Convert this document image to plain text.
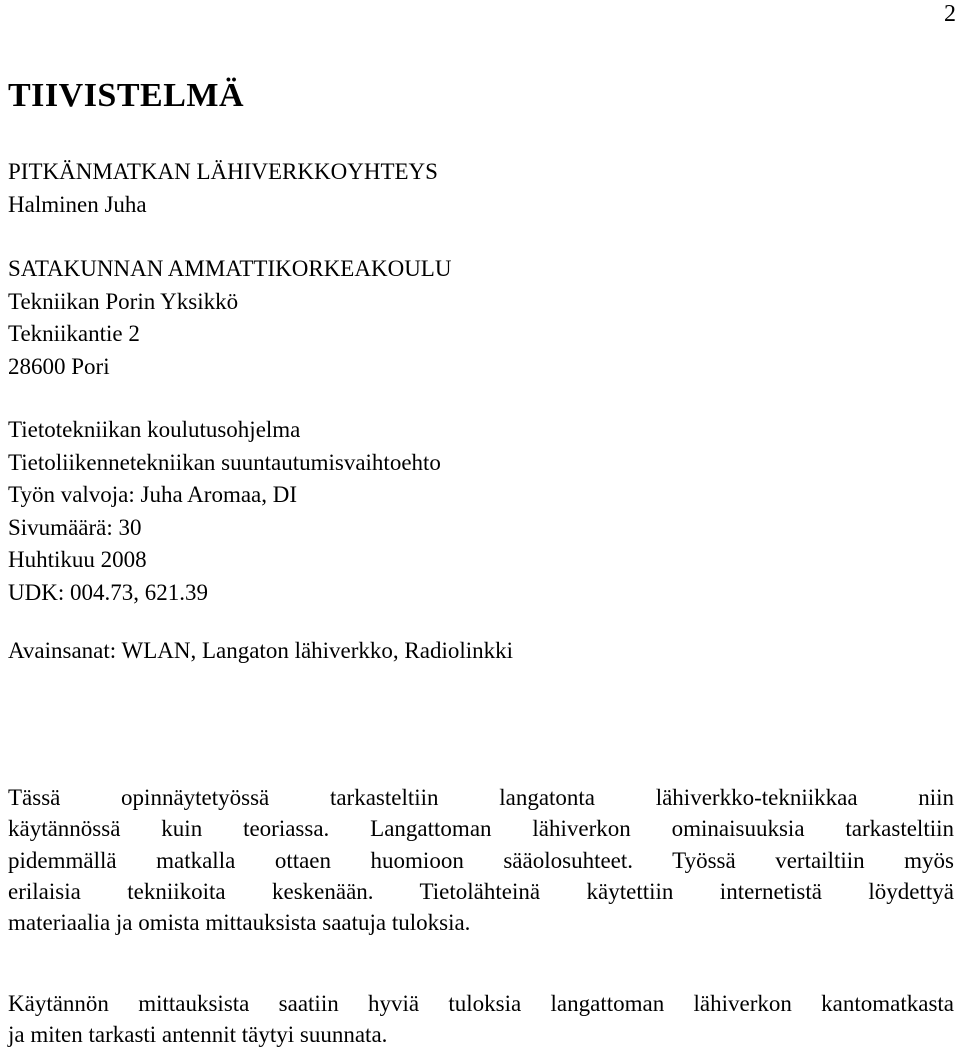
2
TIIVISTELMÄ
PITKÄNMATKAN LÄHIVERKKOYHTEYS
Halminen Juha
SATAKUNNAN AMMATTIKORKEAKOULU
Tekniikan Porin Yksikkö
Tekniikantie 2
28600 Pori
Tietotekniikan koulutusohjelma
Tietoliikennetekniikan suuntautumisvaihtoehto
Työn valvoja: Juha Aromaa, DI
Sivumäärä: 30
Huhtikuu 2008
UDK: 004.73, 621.39
Avainsanat: WLAN, Langaton lähiverkko, Radiolinkki
Tässä opinnäytetyössä tarkasteltiin langatonta lähiverkko-tekniikkaa niin
käytännössä kuin teoriassa. Langattoman lähiverkon ominaisuuksia tarkasteltiin
pidemmällä matkalla ottaen huomioon sääolosuhteet. Työssä vertailtiin myös
erilaisia tekniikoita keskenään. Tietolähteinä käytettiin internetistä löydettyä
materiaalia ja omista mittauksista saatuja tuloksia.
Käytännön mittauksista saatiin hyviä tuloksia langattoman lähiverkon kantomatkasta
ja miten tarkasti antennit täytyi suunnata.
